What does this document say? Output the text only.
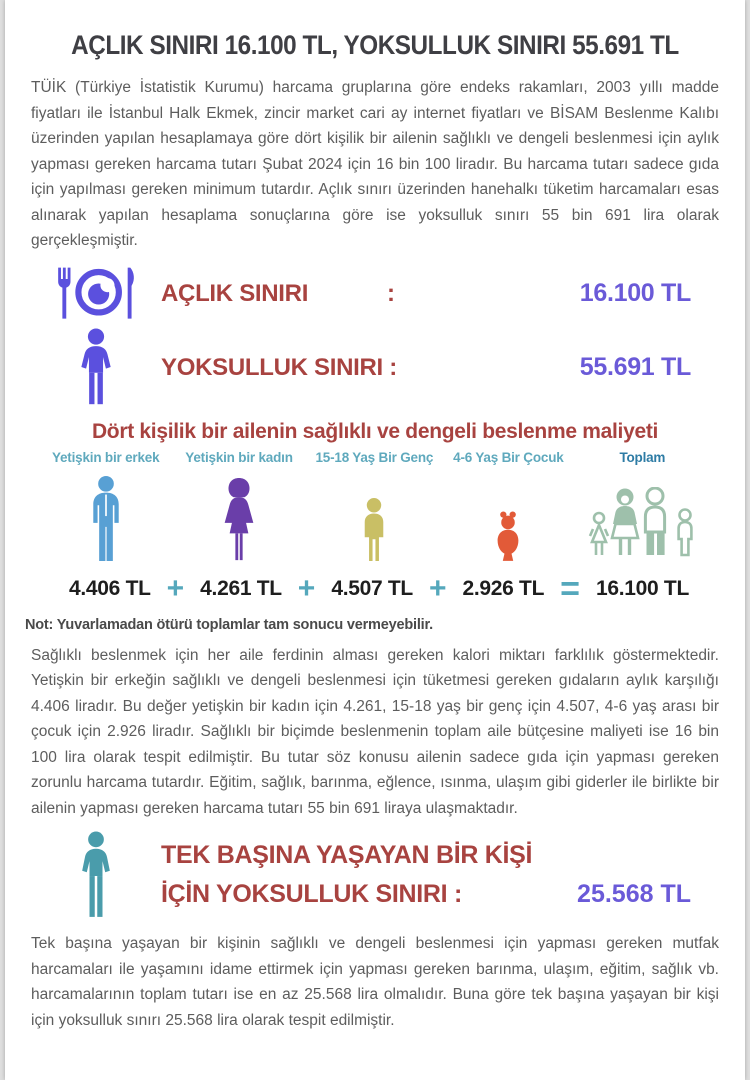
AÇLIK SINIRI 16.100 TL, YOKSULLUK SINIRI 55.691 TL

TÜİK (Türkiye İstatistik Kurumu) harcama gruplarına göre endeks rakamları, 2003 yıllı madde fiyatları ile İstanbul Halk Ekmek, zincir market cari ay internet fiyatları ve BİSAM Beslenme Kalıbı üzerinden yapılan hesaplamaya göre dört kişilik bir ailenin sağlıklı ve dengeli beslenmesi için aylık yapması gereken harcama tutarı Şubat 2024 için 16 bin 100 liradır. Bu harcama tutarı sadece gıda için yapılması gereken minimum tutardır. Açlık sınırı üzerinden hanehalkı tüketim harcamaları esas alınarak yapılan hesaplama sonuçlarına göre ise yoksulluk sınırı 55 bin 691 lira olarak gerçekleşmiştir.

AÇLIK SINIRI	:	16.100 TL
YOKSULLUK SINIRI :	55.691 TL
Dört kişilik bir ailenin sağlıklı ve dengeli beslenme maliyeti
Yetişkin bir erkek	Yetişkin bir kadın	15-18 Yaş Bir Genç	4-6 Yaş Bir Çocuk	Toplam
4.406 TL + 4.261 TL + 4.507 TL + 2.926 TL = 16.100 TL
Not: Yuvarlamadan ötürü toplamlar tam sonucu vermeyebilir.

Sağlıklı beslenmek için her aile ferdinin alması gereken kalori miktarı farklılık göstermektedir. Yetişkin bir erkeğin sağlıklı ve dengeli beslenmesi için tüketmesi gereken gıdaların aylık karşılığı 4.406 liradır. Bu değer yetişkin bir kadın için 4.261, 15-18 yaş bir genç için 4.507, 4-6 yaş arası bir çocuk için 2.926 liradır. Sağlıklı bir biçimde beslenmenin toplam aile bütçesine maliyeti ise 16 bin 100 lira olarak tespit edilmiştir. Bu tutar söz konusu ailenin sadece gıda için yapması gereken zorunlu harcama tutardır. Eğitim, sağlık, barınma, eğlence, ısınma, ulaşım gibi giderler ile birlikte bir ailenin yapması gereken harcama tutarı 55 bin 691 liraya ulaşmaktadır.

TEK BAŞINA YAŞAYAN BİR KİŞİ
İÇİN YOKSULLUK SINIRI :	25.568 TL

Tek başına yaşayan bir kişinin sağlıklı ve dengeli beslenmesi için yapması gereken mutfak harcamaları ile yaşamını idame ettirmek için yapması gereken barınma, ulaşım, eğitim, sağlık vb. harcamalarının toplam tutarı ise en az 25.568 lira olmalıdır. Buna göre tek başına yaşayan bir kişi için yoksulluk sınırı 25.568 lira olarak tespit edilmiştir.
